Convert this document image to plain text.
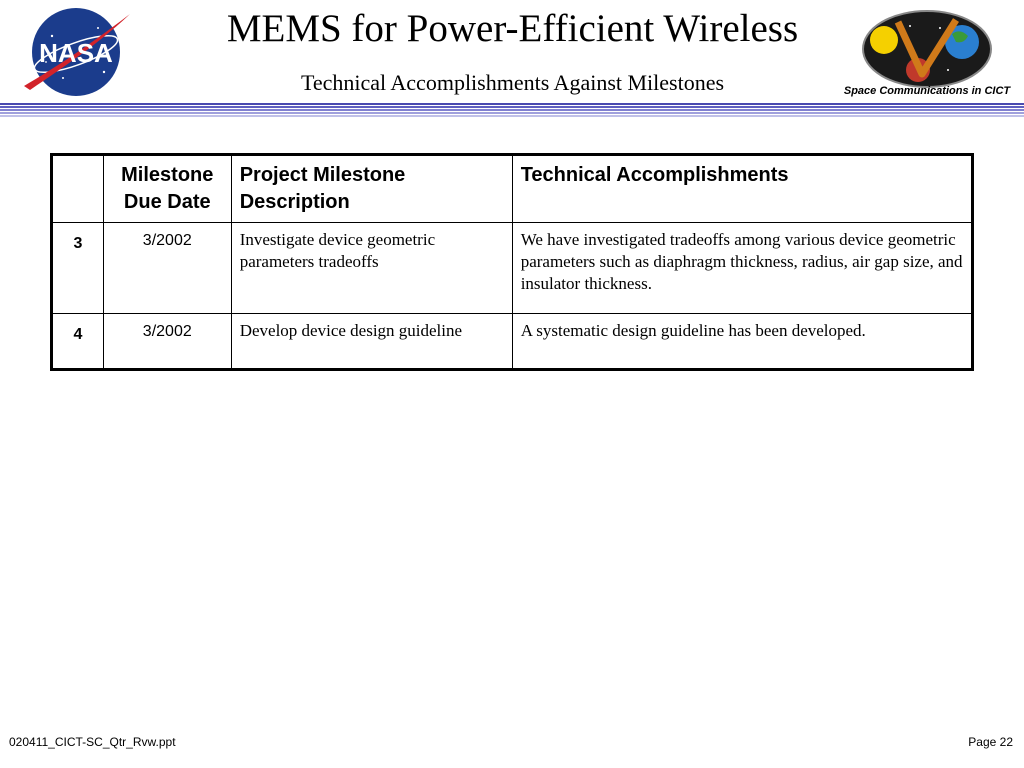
NASA
MEMS for Power-Efficient Wireless
Technical Accomplishments Against Milestones	Space Communications in CICT
	Milestone Due Date	Project Milestone Description	Technical Accomplishments
3	3/2002	Investigate device geometric parameters tradeoffs	We have investigated tradeoffs among various device geometric parameters such as diaphragm thickness, radius, air gap size, and insulator thickness.
4	3/2002	Develop device design guideline	A systematic design guideline has been developed.
020411_CICT-SC_Qtr_Rvw.ppt	Page 22
